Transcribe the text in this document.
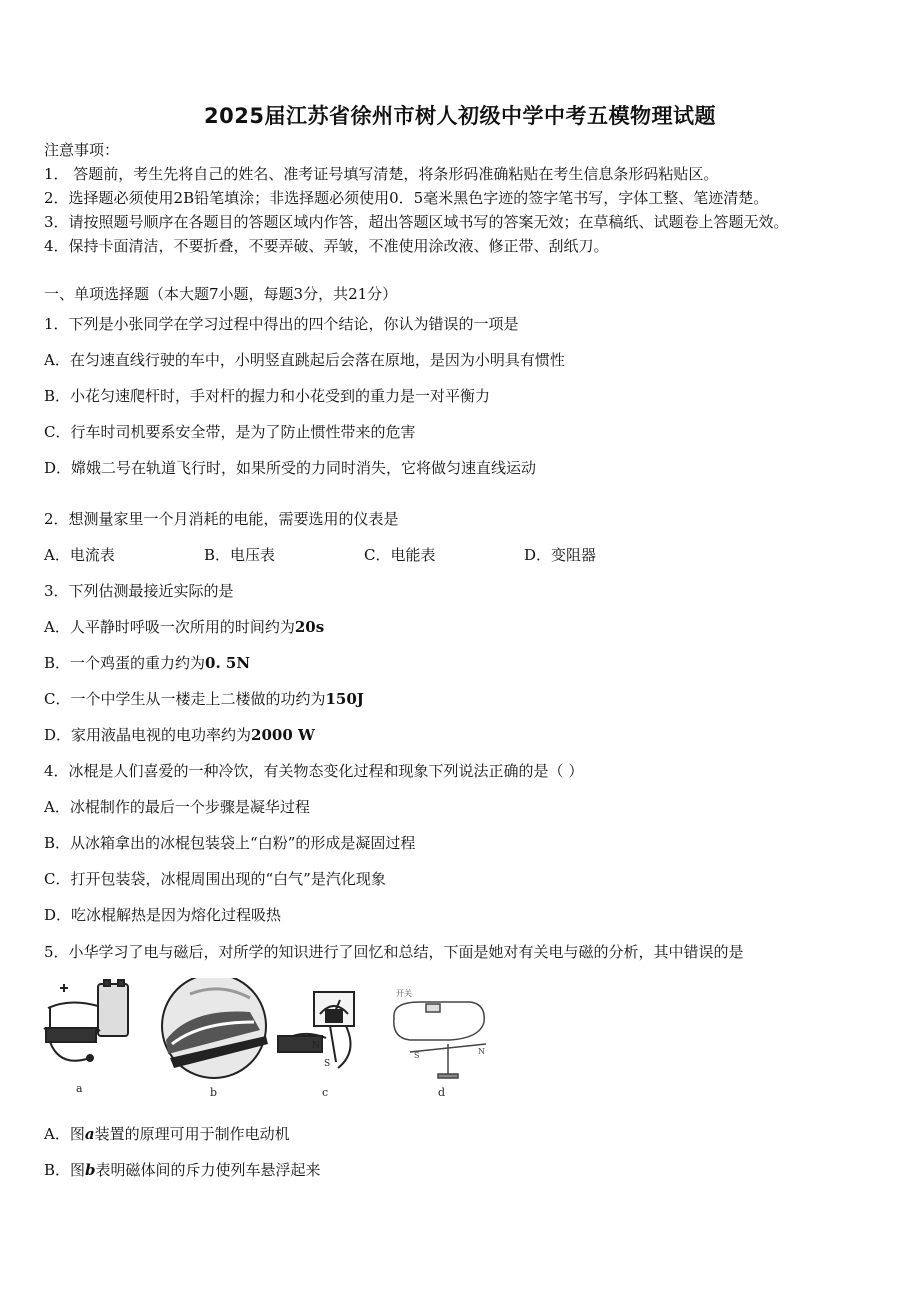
2025届江苏省徐州市树人初级中学中考五模物理试题
注意事项：
1． 答题前，考生先将自己的姓名、准考证号填写清楚，将条形码准确粘贴在考生信息条形码粘贴区。
2．选择题必须使用2B铅笔填涂；非选择题必须使用0．5毫米黑色字迹的签字笔书写，字体工整、笔迹清楚。
3．请按照题号顺序在各题目的答题区域内作答，超出答题区域书写的答案无效；在草稿纸、试题卷上答题无效。
4．保持卡面清洁，不要折叠，不要弄破、弄皱，不准使用涂改液、修正带、刮纸刀。
一、单项选择题（本大题7小题，每题3分，共21分）
1．下列是小张同学在学习过程中得出的四个结论，你认为错误的一项是
A．在匀速直线行驶的车中，小明竖直跳起后会落在原地，是因为小明具有惯性
B．小花匀速爬杆时，手对杆的握力和小花受到的重力是一对平衡力
C．行车时司机要系安全带，是为了防止惯性带来的危害
D．嫦娥二号在轨道飞行时，如果所受的力同时消失，它将做匀速直线运动
2．想测量家里一个月消耗的电能，需要选用的仪表是
A．电流表	B．电压表	C．电能表	D．变阻器
3．下列估测最接近实际的是
A．人平静时呼吸一次所用的时间约为20s
B．一个鸡蛋的重力约为0. 5N
C．一个中学生从一楼走上二楼做的功约为150J
D．家用液晶电视的电功率约为2000 W
4．冰棍是人们喜爱的一种冷饮，有关物态变化过程和现象下列说法正确的是（ ）
A．冰棍制作的最后一个步骤是凝华过程
B．从冰箱拿出的冰棍包装袋上“白粉”的形成是凝固过程
C．打开包装袋，冰棍周围出现的“白气”是汽化现象
D．吃冰棍解热是因为熔化过程吸热
5．小华学习了电与磁后，对所学的知识进行了回忆和总结，下面是她对有关电与磁的分析，其中错误的是
a	b
N
S
c
开关
S	N
d
A．图a装置的原理可用于制作电动机
B．图b表明磁体间的斥力使列车悬浮起来
